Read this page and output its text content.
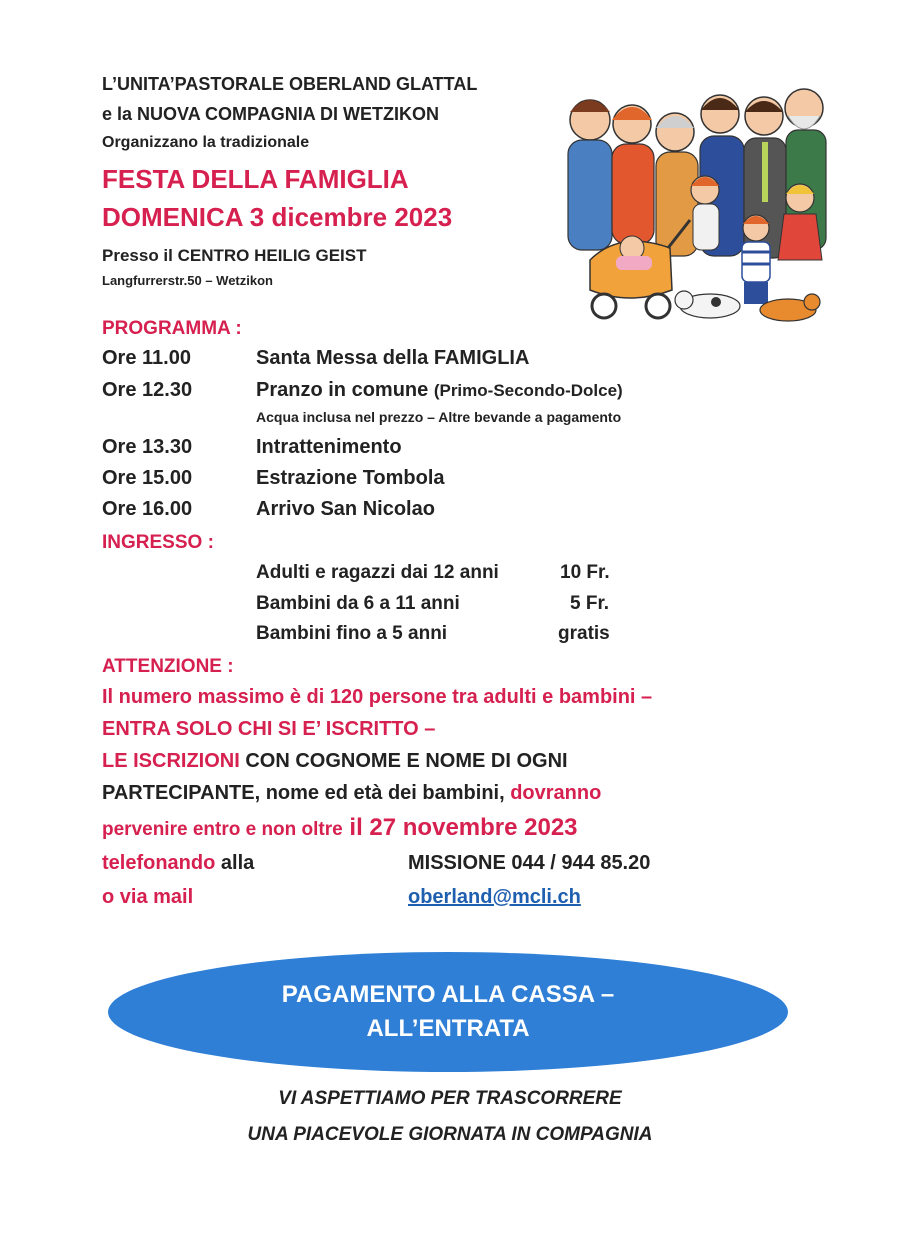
L’UNITA’PASTORALE OBERLAND GLATTAL
e la NUOVA COMPAGNIA DI WETZIKON
Organizzano la tradizionale
FESTA DELLA FAMIGLIA
DOMENICA 3 dicembre 2023
Presso il CENTRO HEILIG GEIST
Langfurrerstr.50 – Wetzikon
PROGRAMMA :
Ore 11.00	Santa Messa della FAMIGLIA
Ore 12.30	Pranzo in comune (Primo-Secondo-Dolce)
Acqua inclusa nel prezzo – Altre bevande a pagamento
Ore 13.30	Intrattenimento
Ore 15.00	Estrazione Tombola
Ore 16.00	Arrivo San Nicolao
INGRESSO :
Adulti e ragazzi dai 12 anni	10 Fr.
Bambini da 6 a 11 anni	5 Fr.
Bambini fino a 5 anni	gratis
ATTENZIONE :
Il numero massimo è di 120 persone tra adulti e bambini –
ENTRA SOLO CHI SI E’ ISCRITTO –
LE ISCRIZIONI CON COGNOME E NOME DI OGNI
PARTECIPANTE, nome ed età dei bambini, dovranno
pervenire entro e non oltre il 27 novembre 2023
telefonando alla	MISSIONE 044 / 944 85.20
o via mail	oberland@mcli.ch
PAGAMENTO ALLA CASSA –
ALL’ENTRATA
VI ASPETTIAMO PER TRASCORRERE
UNA PIACEVOLE GIORNATA IN COMPAGNIA
